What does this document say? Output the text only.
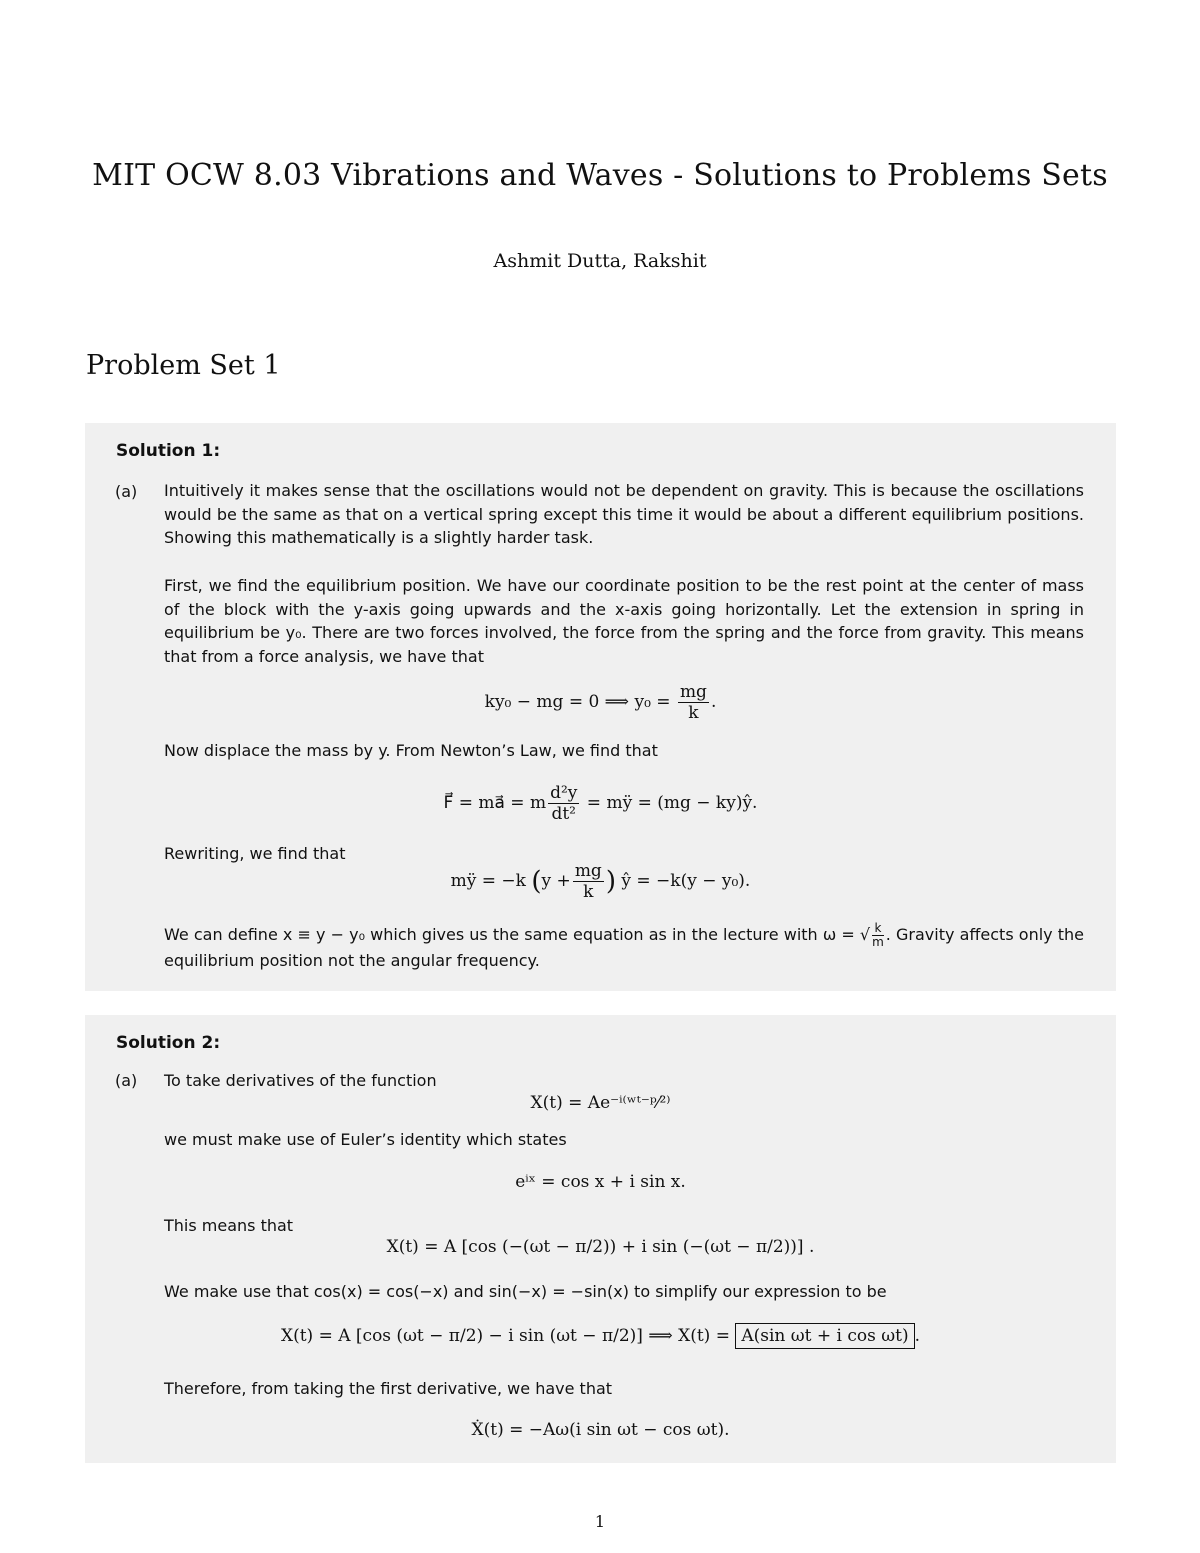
MIT OCW 8.03 Vibrations and Waves - Solutions to Problems Sets
Ashmit Dutta, Rakshit
Problem Set 1
Solution 1:
(a) Intuitively it makes sense that the oscillations would not be dependent on gravity. This is because the oscillations would be the same as that on a vertical spring except this time it would be about a different equilibrium positions. Showing this mathematically is a slightly harder task.
First, we find the equilibrium position. We have our coordinate position to be the rest point at the center of mass of the block with the y-axis going upwards and the x-axis going horizontally. Let the extension in spring in equilibrium be y₀. There are two forces involved, the force from the spring and the force from gravity. This means that from a force analysis, we have that
ky₀ − mg = 0 ⟹ $y_0 = \frac{mg}{k}$ .
Now displace the mass by y. From Newton’s Law, we find that
F⃗ = ma⃗ = m $\frac{\text{d²y}}{\text{dt²}}$ = mÿ = (mg − ky)ŷ.
Rewriting, we find that
mÿ = −k ($y + \frac{mg}{k}$ ) ŷ = −k(y − y₀).
We can define x ≡ y − y₀ which gives us the same equation as in the lecture with ω = √ $\frac{k}{m}$ . Gravity affects only the equilibrium position not the angular frequency.
Solution 2:
(a) To take derivatives of the function
X(t) = Ae⁻ⁱ⁽ʷᵗ⁻ᵖ⁄²⁾
we must make use of Euler’s identity which states
eⁱˣ = cos x + i sin x.
This means that
X(t) = A [cos (−(ωt − π/2)) + i sin (−(ωt − π/2))] .
We make use that cos(x) = cos(−x) and sin(−x) = −sin(x) to simplify our expression to be
X(t) = A [cos (ωt − π/2) − i sin (ωt − π/2)] ⟹ X(t) = A(sin ωt + i cos ωt) .
Therefore, from taking the first derivative, we have that
Ẋ(t) = −Aω(i sin ωt − cos ωt).
1
